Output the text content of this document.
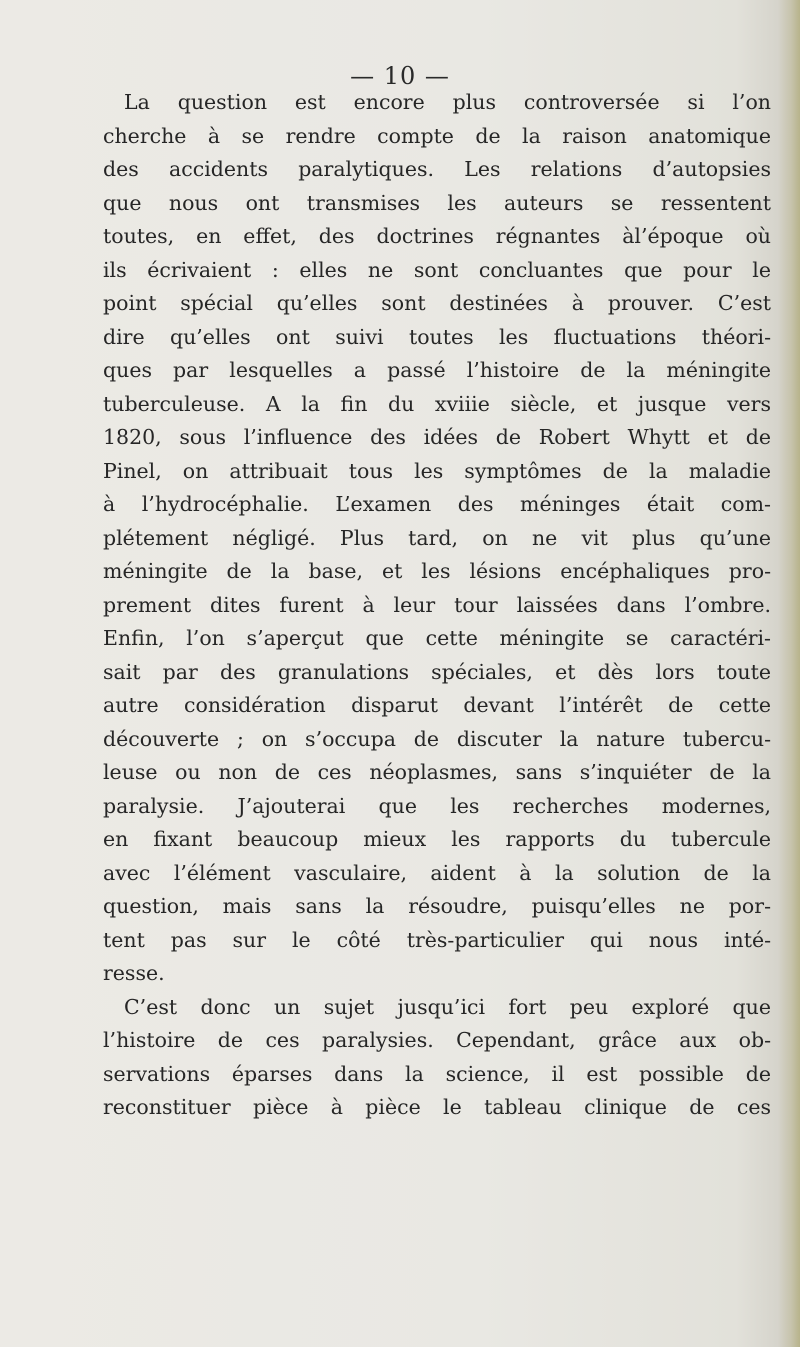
— 10 —
La question est encore plus controversée si l’on
cherche à se rendre compte de la raison anatomique
des accidents paralytiques. Les relations d’autopsies
que nous ont transmises les auteurs se ressentent
toutes, en effet, des doctrines régnantes àl’époque où
ils écrivaient : elles ne sont concluantes que pour le
point spécial qu’elles sont destinées à prouver. C’est
dire qu’elles ont suivi toutes les fluctuations théori-
ques par lesquelles a passé l’histoire de la méningite
tuberculeuse. A la fin du xviiie siècle, et jusque vers
1820, sous l’influence des idées de Robert Whytt et de
Pinel, on attribuait tous les symptômes de la maladie
à l’hydrocéphalie. L’examen des méninges était com-
plétement négligé. Plus tard, on ne vit plus qu’une
méningite de la base, et les lésions encéphaliques pro-
prement dites furent à leur tour laissées dans l’ombre.
Enfin, l’on s’aperçut que cette méningite se caractéri-
sait par des granulations spéciales, et dès lors toute
autre considération disparut devant l’intérêt de cette
découverte ; on s’occupa de discuter la nature tubercu-
leuse ou non de ces néoplasmes, sans s’inquiéter de la
paralysie. J’ajouterai que les recherches modernes,
en fixant beaucoup mieux les rapports du tubercule
avec l’élément vasculaire, aident à la solution de la
question, mais sans la résoudre, puisqu’elles ne por-
tent pas sur le côté très-particulier qui nous inté-
resse.
C’est donc un sujet jusqu’ici fort peu exploré que
l’histoire de ces paralysies. Cependant, grâce aux ob-
servations éparses dans la science, il est possible de
reconstituer pièce à pièce le tableau clinique de ces
